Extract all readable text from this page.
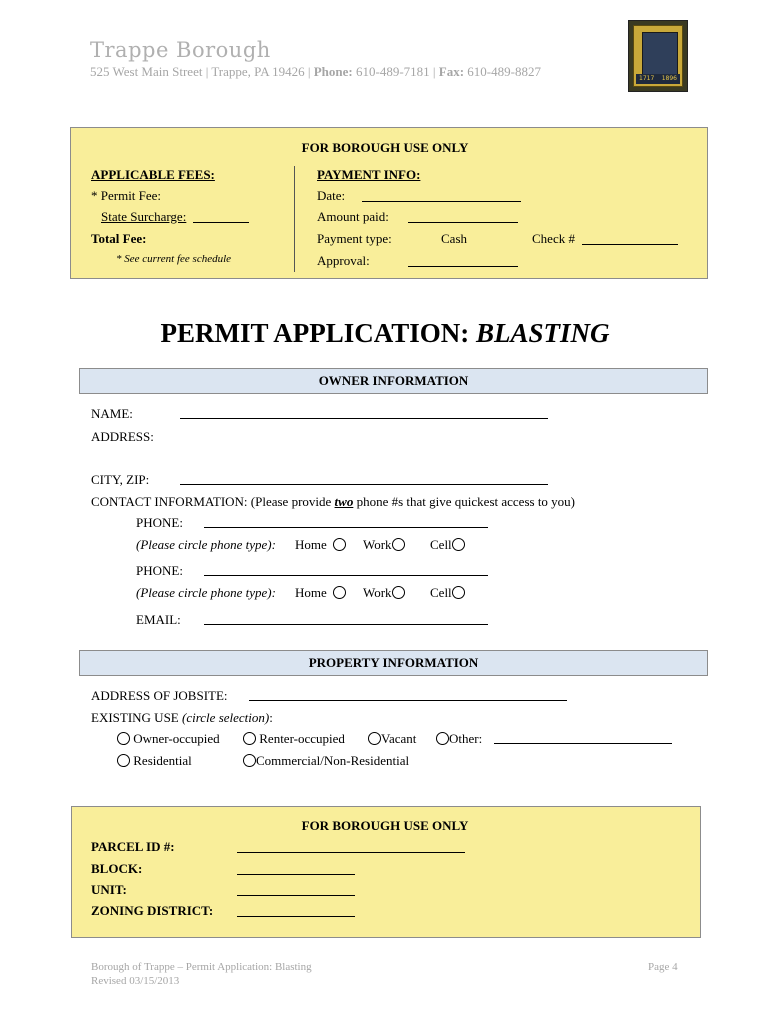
Trappe Borough
525 West Main Street | Trappe, PA 19426 | Phone: 610-489-7181 | Fax: 610-489-8827	1717 1896
FOR BOROUGH USE ONLY
APPLICABLE FEES:
* Permit Fee:
State Surcharge:
Total Fee:
* See current fee schedule
PAYMENT INFO:
Date:
Amount paid:
Payment type:	Cash	Check #
Approval:
PERMIT APPLICATION: BLASTING
OWNER INFORMATION
NAME:
ADDRESS:
CITY, ZIP:
CONTACT INFORMATION: (Please provide two phone #s that give quickest access to you)
PHONE:
(Please circle phone type): Home	Work	Cell
PHONE:
(Please circle phone type): Home	Work	Cell
EMAIL:
PROPERTY INFORMATION
ADDRESS OF JOBSITE:
EXISTING USE (circle selection):
Owner-occupied	Renter-occupied	Vacant	Other:
Residential	Commercial/Non-Residential
FOR BOROUGH USE ONLY
PARCEL ID #:
BLOCK:
UNIT:
ZONING DISTRICT:
Borough of Trappe – Permit Application: Blasting
Revised 03/15/2013
Page 4
